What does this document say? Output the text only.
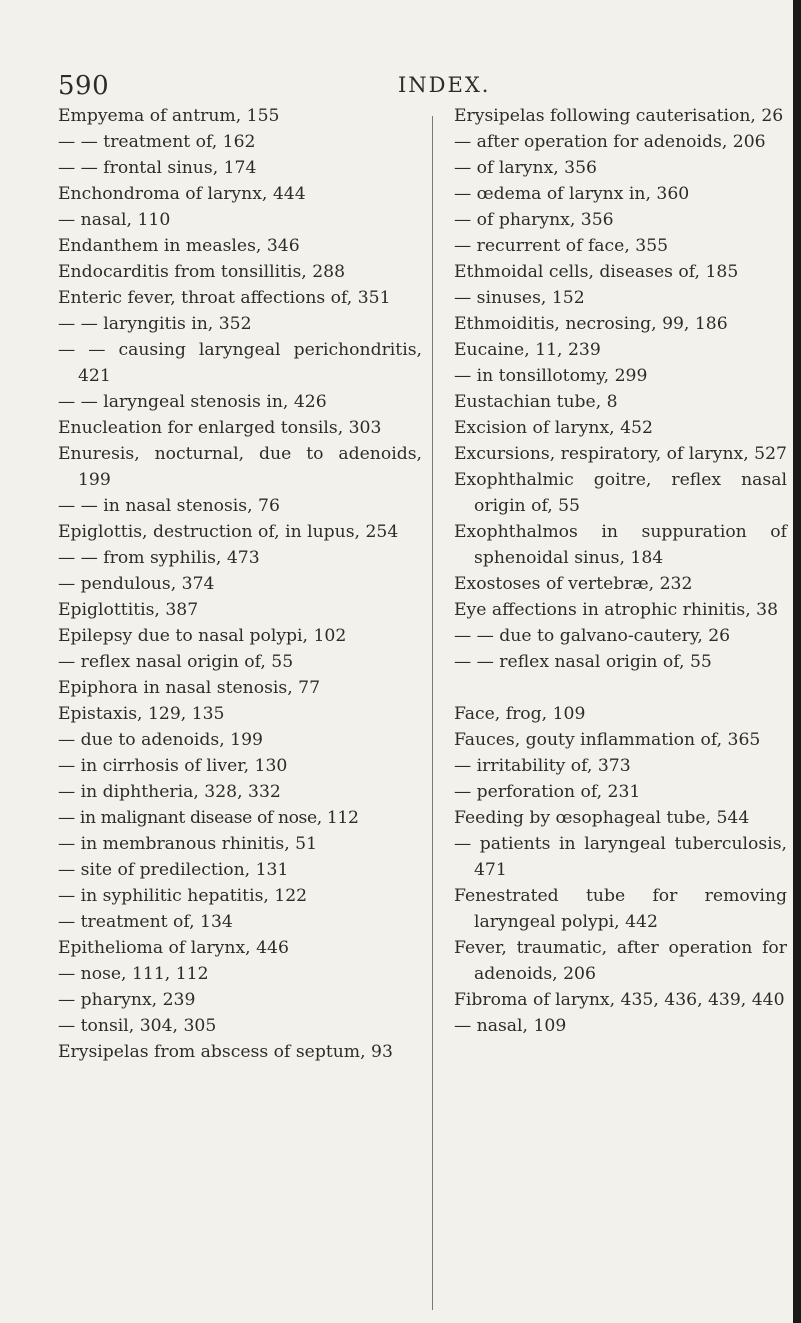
590	INDEX.
Empyema of antrum, 155
— — treatment of, 162
— — frontal sinus, 174
Enchondroma of larynx, 444
— nasal, 110
Endanthem in measles, 346
Endocarditis from tonsillitis, 288
Enteric fever, throat affections of, 351
— — laryngitis in, 352
— — causing laryngeal perichondritis, 421
— — laryngeal stenosis in, 426
Enucleation for enlarged tonsils, 303
Enuresis, nocturnal, due to adenoids, 199
— — in nasal stenosis, 76
Epiglottis, destruction of, in lupus, 254
— — from syphilis, 473
— pendulous, 374
Epiglottitis, 387
Epilepsy due to nasal polypi, 102
— reflex nasal origin of, 55
Epiphora in nasal stenosis, 77
Epistaxis, 129, 135
— due to adenoids, 199
— in cirrhosis of liver, 130
— in diphtheria, 328, 332
— in malignant disease of nose, 112
— in membranous rhinitis, 51
— site of predilection, 131
— in syphilitic hepatitis, 122
— treatment of, 134
Epithelioma of larynx, 446
— nose, 111, 112
— pharynx, 239
— tonsil, 304, 305
Erysipelas from abscess of septum, 93
Erysipelas following cauterisation, 26
— after operation for adenoids, 206
— of larynx, 356
— œdema of larynx in, 360
— of pharynx, 356
— recurrent of face, 355
Ethmoidal cells, diseases of, 185
— sinuses, 152
Ethmoiditis, necrosing, 99, 186
Eucaine, 11, 239
— in tonsillotomy, 299
Eustachian tube, 8
Excision of larynx, 452
Excursions, respiratory, of larynx, 527
Exophthalmic goitre, reflex nasal origin of, 55
Exophthalmos in suppuration of sphenoidal sinus, 184
Exostoses of vertebræ, 232
Eye affections in atrophic rhinitis, 38
— — due to galvano-cautery, 26
— — reflex nasal origin of, 55
Face, frog, 109
Fauces, gouty inflammation of, 365
— irritability of, 373
— perforation of, 231
Feeding by œsophageal tube, 544
— patients in laryngeal tuberculosis, 471
Fenestrated tube for removing laryngeal polypi, 442
Fever, traumatic, after operation for adenoids, 206
Fibroma of larynx, 435, 436, 439, 440
— nasal, 109
